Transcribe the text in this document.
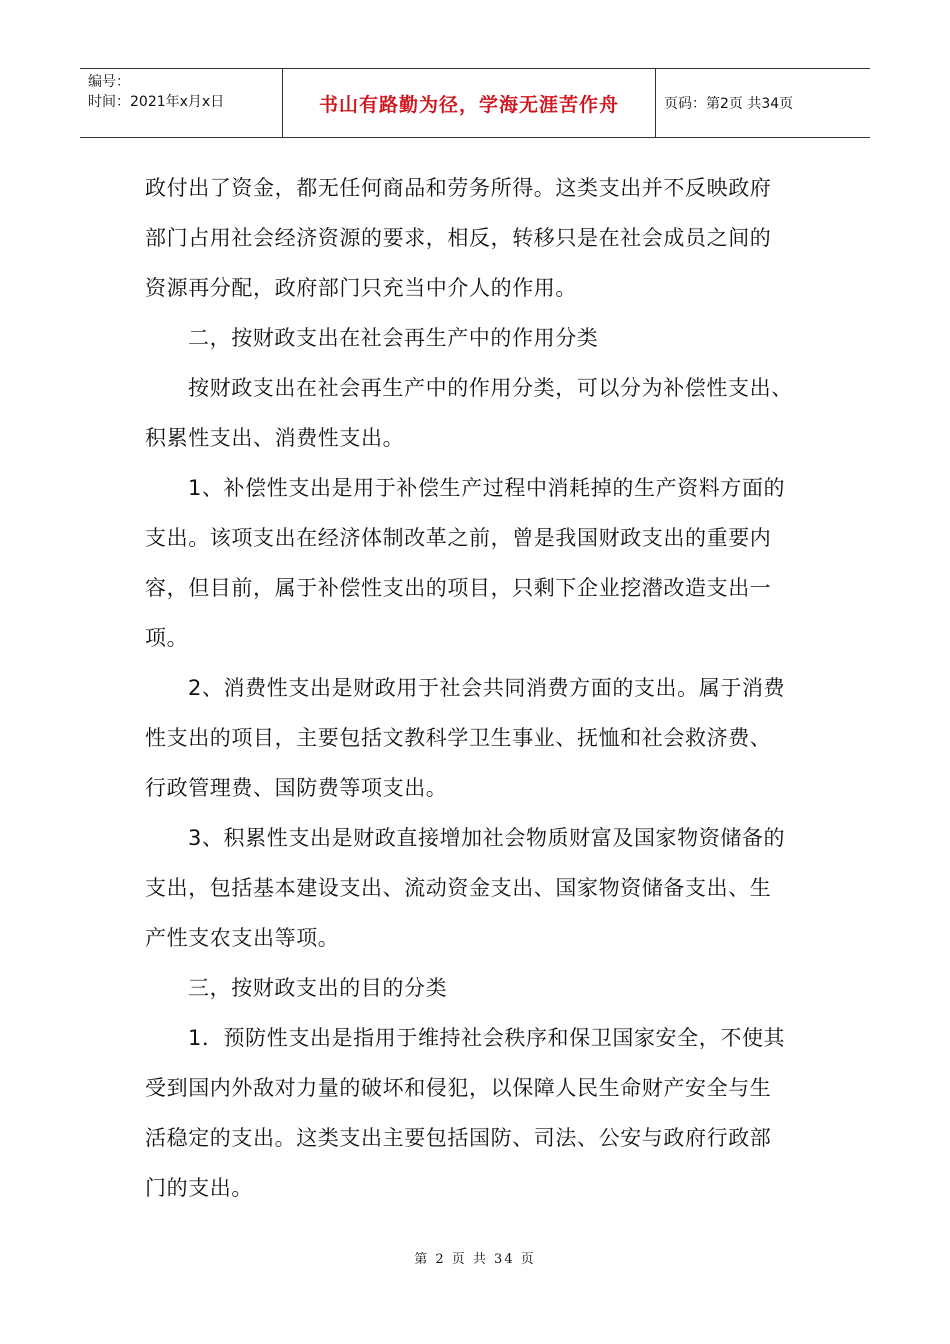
编号：
时间：2021年x月x日	书山有路勤为径，学海无涯苦作舟	页码：第2页 共34页
政付出了资金，都无任何商品和劳务所得。这类支出并不反映政府
部门占用社会经济资源的要求，相反，转移只是在社会成员之间的
资源再分配，政府部门只充当中介人的作用。
二，按财政支出在社会再生产中的作用分类
按财政支出在社会再生产中的作用分类，可以分为补偿性支出、
积累性支出、消费性支出。
1、补偿性支出是用于补偿生产过程中消耗掉的生产资料方面的
支出。该项支出在经济体制改革之前，曾是我国财政支出的重要内
容，但目前，属于补偿性支出的项目，只剩下企业挖潜改造支出一
项。
2、消费性支出是财政用于社会共同消费方面的支出。属于消费
性支出的项目，主要包括文教科学卫生事业、抚恤和社会救济费、
行政管理费、国防费等项支出。
3、积累性支出是财政直接增加社会物质财富及国家物资储备的
支出，包括基本建设支出、流动资金支出、国家物资储备支出、生
产性支农支出等项。
三，按财政支出的目的分类
1．预防性支出是指用于维持社会秩序和保卫国家安全，不使其
受到国内外敌对力量的破坏和侵犯，以保障人民生命财产安全与生
活稳定的支出。这类支出主要包括国防、司法、公安与政府行政部
门的支出。
第 2 页 共 34 页
